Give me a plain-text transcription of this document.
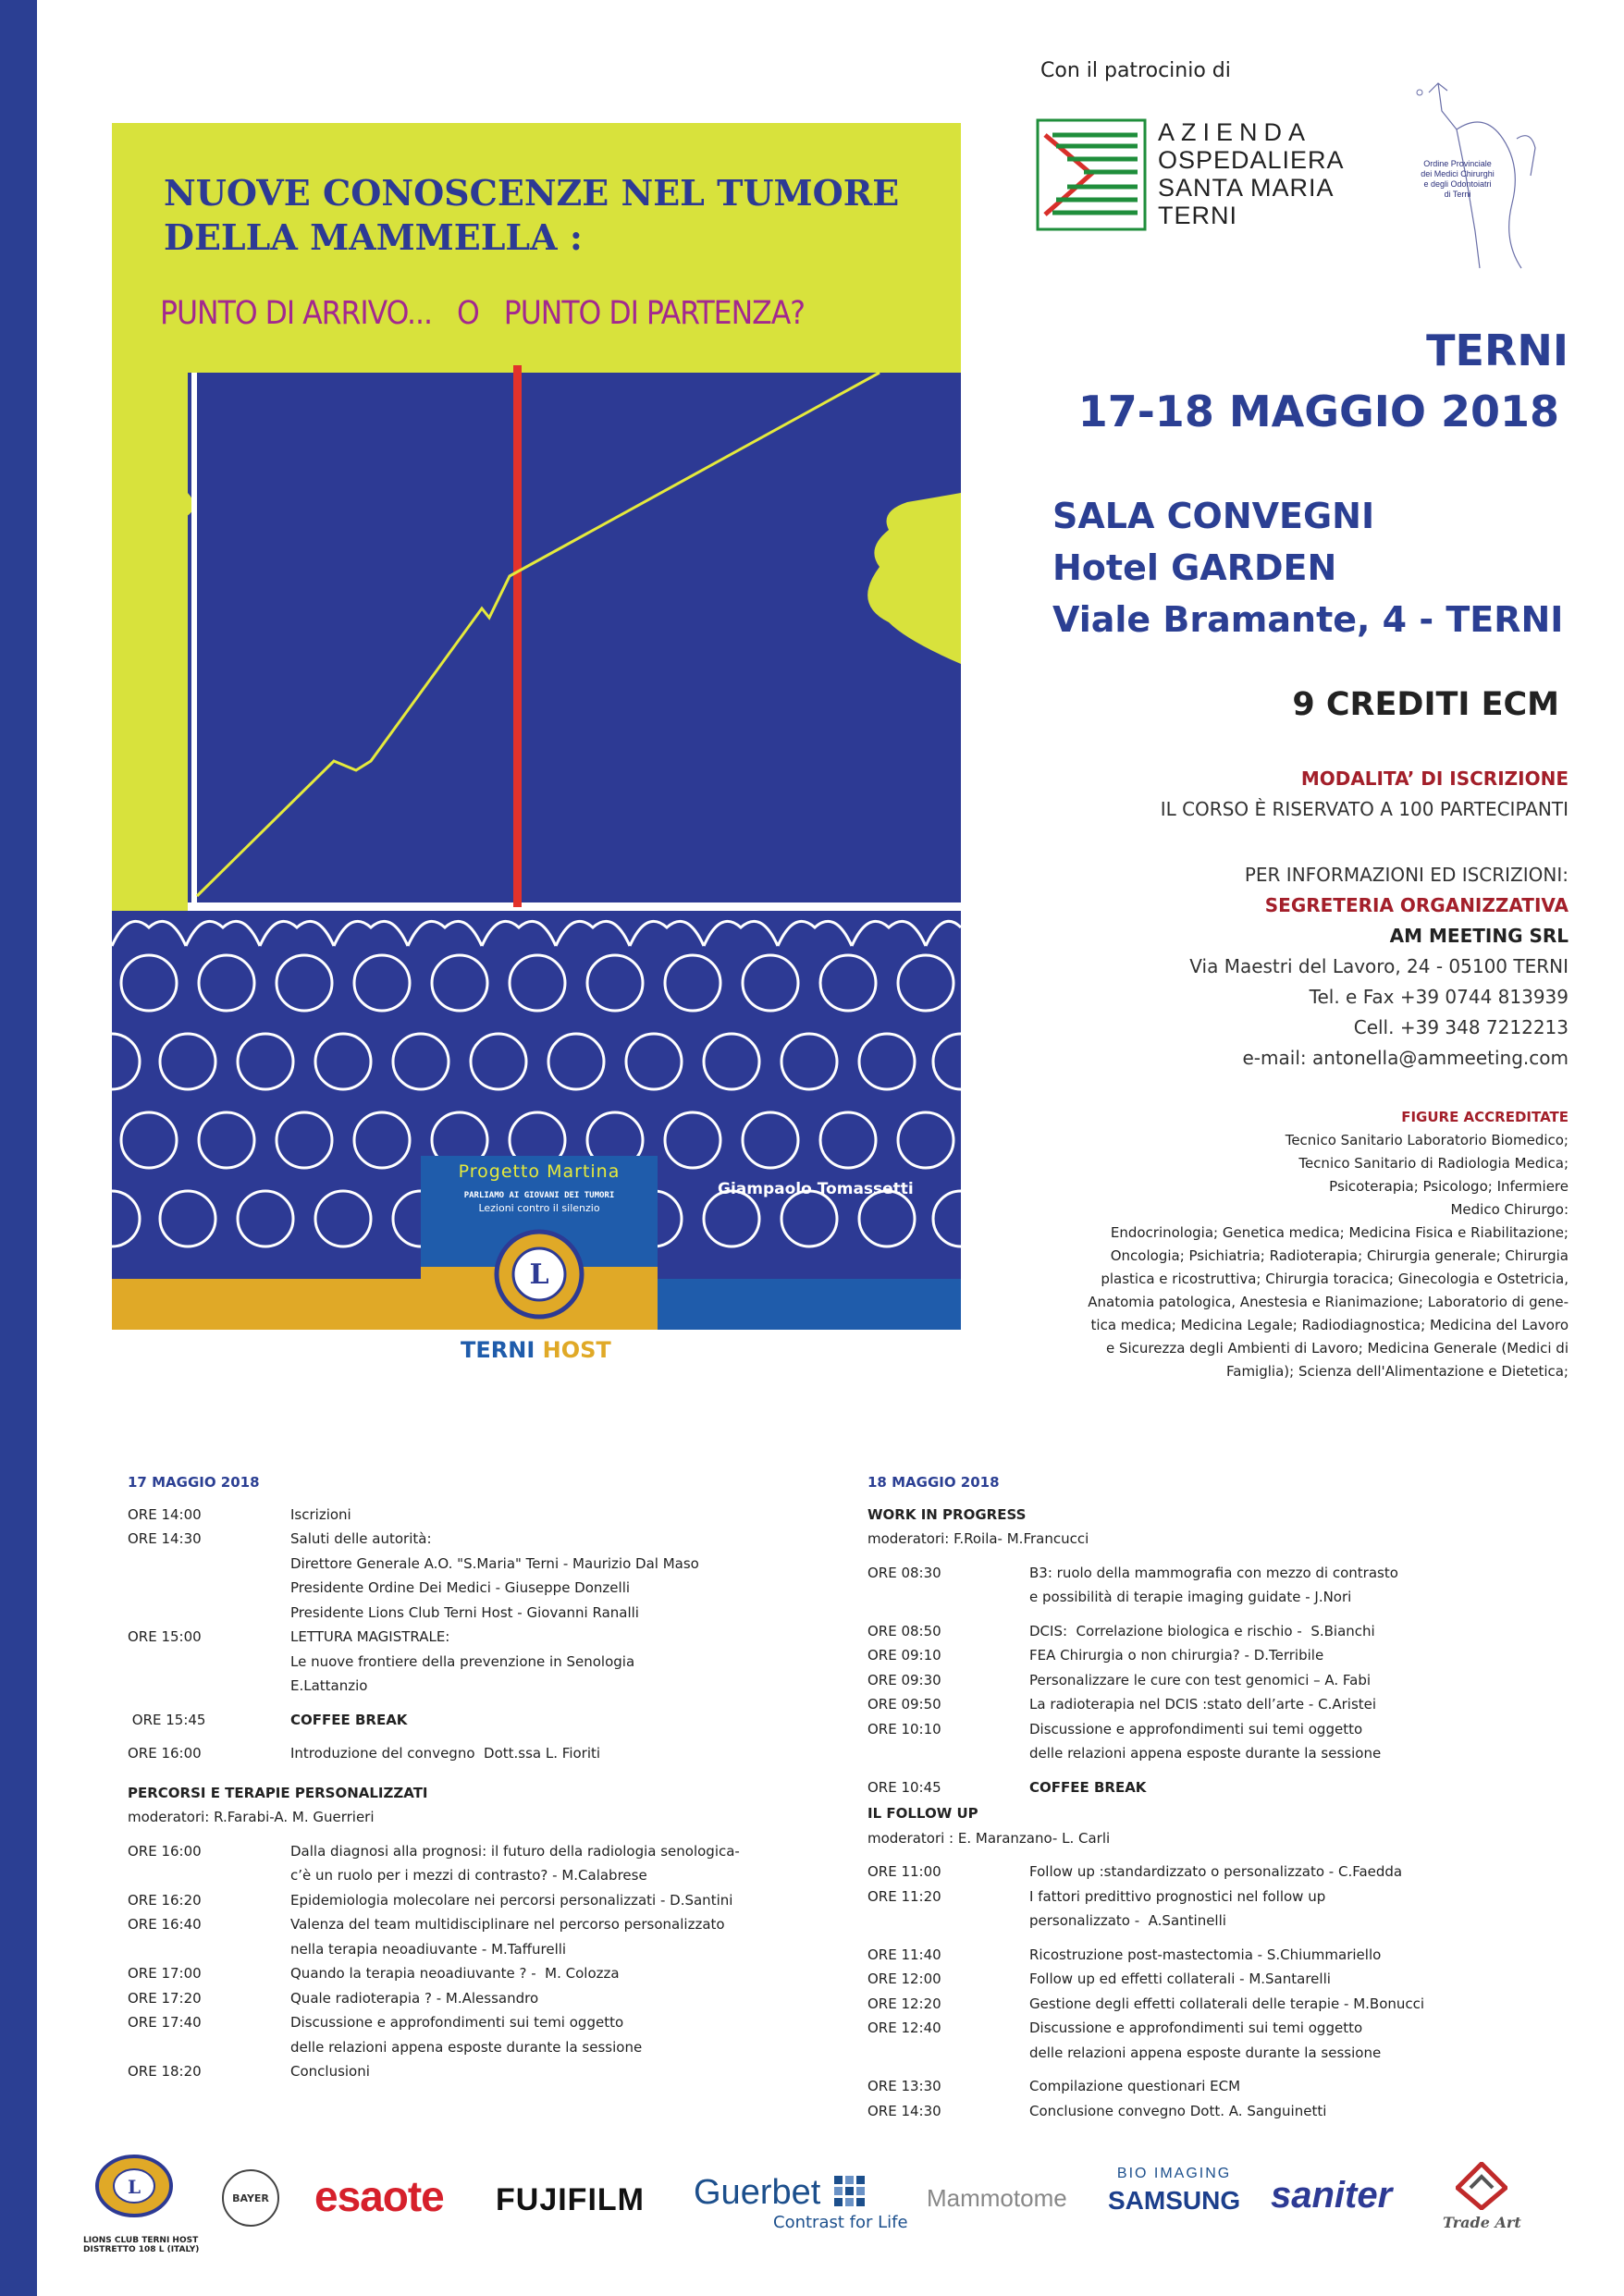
Con il patrocinio di
AZIENDA
OSPEDALIERA
SANTA MARIA
TERNI
Ordine Provinciale
dei Medici Chirurghi
e degli Odontoiatri
di Terni
NUOVE CONOSCENZE NEL TUMORE
DELLA MAMMELLA :
PUNTO DI ARRIVO...   O   PUNTO DI PARTENZA?
Progetto Martina
PARLIAMO AI GIOVANI DEI TUMORI
Lezioni contro il silenzio
L
Giampaolo Tomassetti
TERNI HOST
TERNI
17-18 MAGGIO 2018
SALA CONVEGNI
Hotel GARDEN
Viale Bramante, 4 - TERNI
9 CREDITI ECM
MODALITA’ DI ISCRIZIONE
IL CORSO È RISERVATO A 100 PARTECIPANTI
PER INFORMAZIONI ED ISCRIZIONI:
SEGRETERIA ORGANIZZATIVA
AM MEETING SRL
Via Maestri del Lavoro, 24 - 05100 TERNI
Tel. e Fax +39 0744 813939
Cell. +39 348 7212213
e-mail: antonella@ammeeting.com
FIGURE ACCREDITATE
Tecnico Sanitario Laboratorio Biomedico;
Tecnico Sanitario di Radiologia Medica;
Psicoterapia; Psicologo; Infermiere
Medico Chirurgo:
Endocrinologia; Genetica medica; Medicina Fisica e Riabilitazione;
Oncologia; Psichiatria; Radioterapia; Chirurgia generale; Chirurgia
plastica e ricostruttiva; Chirurgia toracica; Ginecologia e Ostetricia,
Anatomia patologica, Anestesia e Rianimazione; Laboratorio di gene-
tica medica; Medicina Legale; Radiodiagnostica; Medicina del Lavoro
e Sicurezza degli Ambienti di Lavoro; Medicina Generale (Medici di
Famiglia); Scienza dell'Alimentazione e Dietetica;
17 MAGGIO 2018
ORE 14:00	Iscrizioni
ORE 14:30	Saluti delle autorità:
Direttore Generale A.O. "S.Maria" Terni - Maurizio Dal Maso
Presidente Ordine Dei Medici - Giuseppe Donzelli
Presidente Lions Club Terni Host - Giovanni Ranalli
ORE 15:00	LETTURA MAGISTRALE:
Le nuove frontiere della prevenzione in Senologia
E.Lattanzio
ORE 15:45	COFFEE BREAK
ORE 16:00	Introduzione del convegno  Dott.ssa L. Fioriti
PERCORSI E TERAPIE PERSONALIZZATI
moderatori: R.Farabi-A. M. Guerrieri
ORE 16:00	Dalla diagnosi alla prognosi: il futuro della radiologia senologica-
c’è un ruolo per i mezzi di contrasto? - M.Calabrese
ORE 16:20	Epidemiologia molecolare nei percorsi personalizzati - D.Santini
ORE 16:40	Valenza del team multidisciplinare nel percorso personalizzato
nella terapia neoadiuvante - M.Taffurelli
ORE 17:00	Quando la terapia neoadiuvante ? -  M. Colozza
ORE 17:20	Quale radioterapia ? - M.Alessandro
ORE 17:40	Discussione e approfondimenti sui temi oggetto
delle relazioni appena esposte durante la sessione
ORE 18:20	Conclusioni
18 MAGGIO 2018
WORK IN PROGRESS
moderatori: F.Roila- M.Francucci
ORE 08:30	B3: ruolo della mammografia con mezzo di contrasto
e possibilità di terapie imaging guidate - J.Nori
ORE 08:50	DCIS:  Correlazione biologica e rischio -  S.Bianchi
ORE 09:10	FEA Chirurgia o non chirurgia? - D.Terribile
ORE 09:30	Personalizzare le cure con test genomici – A. Fabi
ORE 09:50	La radioterapia nel DCIS :stato dell’arte - C.Aristei
ORE 10:10	Discussione e approfondimenti sui temi oggetto
delle relazioni appena esposte durante la sessione
ORE 10:45	COFFEE BREAK
IL FOLLOW UP
moderatori : E. Maranzano- L. Carli
ORE 11:00	Follow up :standardizzato o personalizzato - C.Faedda
ORE 11:20	I fattori predittivo prognostici nel follow up
personalizzato -  A.Santinelli
ORE 11:40	Ricostruzione post-mastectomia - S.Chiummariello
ORE 12:00	Follow up ed effetti collaterali - M.Santarelli
ORE 12:20	Gestione degli effetti collaterali delle terapie - M.Bonucci
ORE 12:40	Discussione e approfondimenti sui temi oggetto
delle relazioni appena esposte durante la sessione
ORE 13:30	Compilazione questionari ECM
ORE 14:30	Conclusione convegno Dott. A. Sanguinetti
L
LIONS CLUB TERNI HOST
DISTRETTO 108 L (ITALY)
BAYER esaote FUJIFILM Guerbet
Contrast for Life
Mammotome
BIO IMAGING
SAMSUNG saniter
Trade Art
